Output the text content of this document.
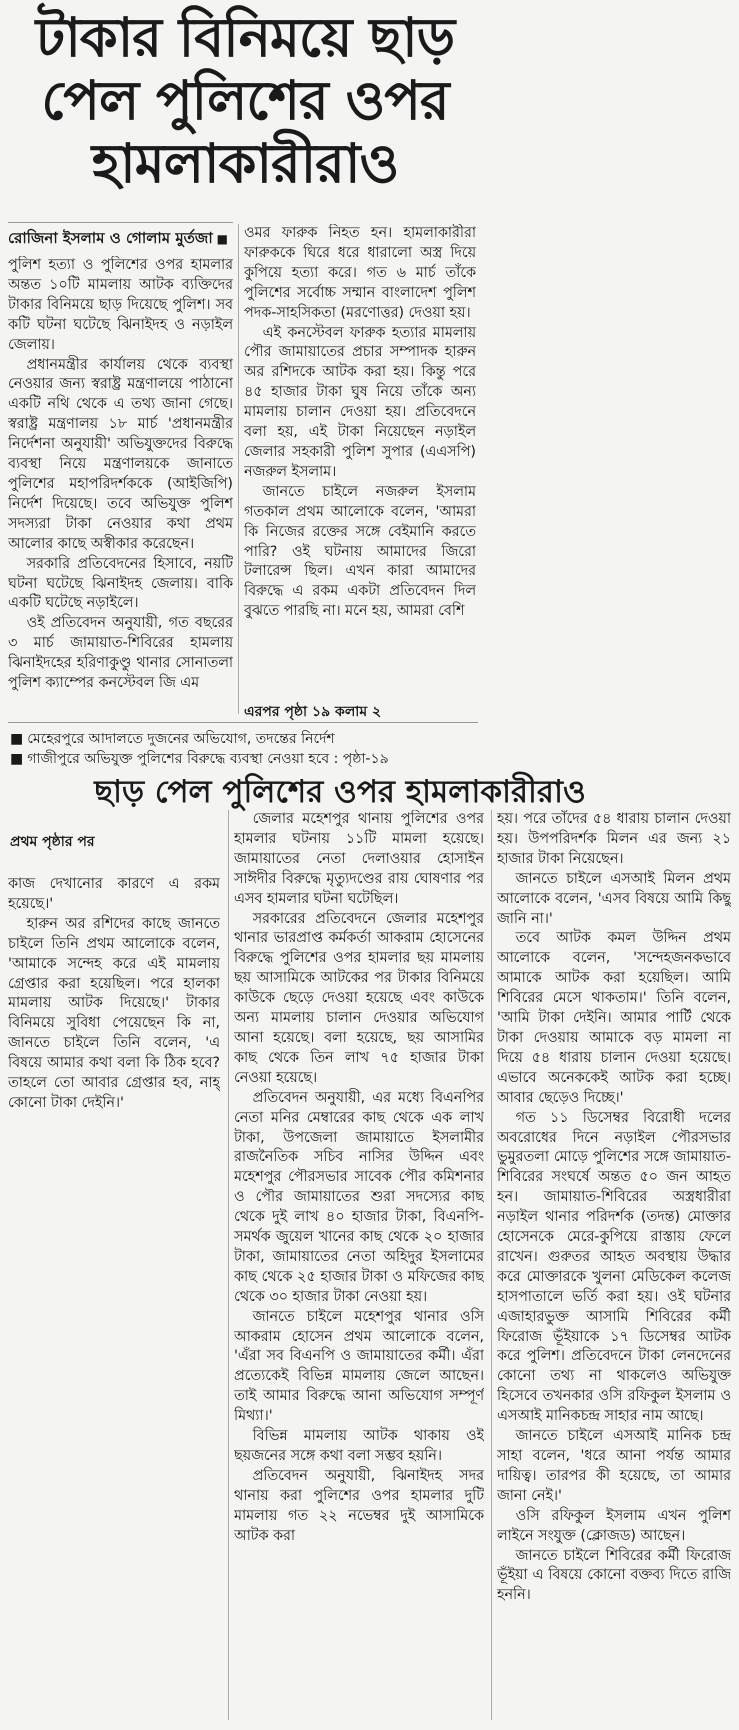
টাকার বিনিময়ে ছাড়
পেল পুলিশের ওপর
হামলাকারীরাও
রোজিনা ইসলাম ও গোলাম মুর্তজা ■

পুলিশ হত্যা ও পুলিশের ওপর হামলার অন্তত ১০টি মামলায় আটক ব্যক্তিদের টাকার বিনিময়ে ছাড় দিয়েছে পুলিশ। সব কটি ঘটনা ঘটেছে ঝিনাইদহ ও নড়াইল জেলায়।

প্রধানমন্ত্রীর কার্যালয় থেকে ব্যবস্থা নেওয়ার জন্য স্বরাষ্ট্র মন্ত্রণালয়ে পাঠানো একটি নথি থেকে এ তথ্য জানা গেছে। স্বরাষ্ট্র মন্ত্রণালয় ১৮ মার্চ 'প্রধানমন্ত্রীর নির্দেশনা অনুযায়ী' অভিযুক্তদের বিরুদ্ধে ব্যবস্থা নিয়ে মন্ত্রণালয়কে জানাতে পুলিশের মহাপরিদর্শককে (আইজিপি) নির্দেশ দিয়েছে। তবে অভিযুক্ত পুলিশ সদস্যরা টাকা নেওয়ার কথা প্রথম আলোর কাছে অস্বীকার করেছেন।

সরকারি প্রতিবেদনের হিসাবে, নয়টি ঘটনা ঘটেছে ঝিনাইদহ জেলায়। বাকি একটি ঘটেছে নড়াইলে।

ওই প্রতিবেদন অনুযায়ী, গত বছরের ৩ মার্চ জামায়াত-শিবিরের হামলায় ঝিনাইদহের হরিণাকুণ্ডু থানার সোনাতলা পুলিশ ক্যাম্পের কনস্টেবল জি এম

ওমর ফারুক নিহত হন। হামলাকারীরা ফারুককে ঘিরে ধরে ধারালো অস্ত্র দিয়ে কুপিয়ে হত্যা করে। গত ৬ মার্চ তাঁকে পুলিশের সর্বোচ্চ সম্মান বাংলাদেশ পুলিশ পদক-সাহসিকতা (মরণোত্তর) দেওয়া হয়।

এই কনস্টেবল ফারুক হত্যার মামলায় পৌর জামায়াতের প্রচার সম্পাদক হারুন অর রশিদকে আটক করা হয়। কিন্তু পরে ৪৫ হাজার টাকা ঘুষ নিয়ে তাঁকে অন্য মামলায় চালান দেওয়া হয়। প্রতিবেদনে বলা হয়, এই টাকা নিয়েছেন নড়াইল জেলার সহকারী পুলিশ সুপার (এএসপি) নজরুল ইসলাম।

জানতে চাইলে নজরুল ইসলাম গতকাল প্রথম আলোকে বলেন, 'আমরা কি নিজের রক্তের সঙ্গে বেইমানি করতে পারি? ওই ঘটনায় আমাদের জিরো টলারেন্স ছিল। এখন কারা আমাদের বিরুদ্ধে এ রকম একটা প্রতিবেদন দিল বুঝতে পারছি না। মনে হয়, আমরা বেশি

এরপর পৃষ্ঠা ১৯ কলাম ২
■ মেহেরপুরে আদালতে দুজনের অভিযোগ, তদন্তের নির্দেশ
■ গাজীপুরে অভিযুক্ত পুলিশের বিরুদ্ধে ব্যবস্থা নেওয়া হবে : পৃষ্ঠা-১৯
ছাড় পেল পুলিশের ওপর হামলাকারীরাও
প্রথম পৃষ্ঠার পর

কাজ দেখানোর কারণে এ রকম হয়েছে।'

হারুন অর রশিদের কাছে জানতে চাইলে তিনি প্রথম আলোকে বলেন, 'আমাকে সন্দেহ করে এই মামলায় গ্রেপ্তার করা হয়েছিল। পরে হালকা মামলায় আটক দিয়েছে।' টাকার বিনিময়ে সুবিধা পেয়েছেন কি না, জানতে চাইলে তিনি বলেন, 'এ বিষয়ে আমার কথা বলা কি ঠিক হবে? তাহলে তো আবার গ্রেপ্তার হব, নাহ্ কোনো টাকা দেইনি।'

জেলার মহেশপুর থানায় পুলিশের ওপর হামলার ঘটনায় ১১টি মামলা হয়েছে। জামায়াতের নেতা দেলাওয়ার হোসাইন সাঈদীর বিরুদ্ধে মৃত্যুদণ্ডের রায় ঘোষণার পর এসব হামলার ঘটনা ঘটেছিল।

সরকারের প্রতিবেদনে জেলার মহেশপুর থানার ভারপ্রাপ্ত কর্মকর্তা আকরাম হোসেনের বিরুদ্ধে পুলিশের ওপর হামলার ছয় মামলায় ছয় আসামিকে আটকের পর টাকার বিনিময়ে কাউকে ছেড়ে দেওয়া হয়েছে এবং কাউকে অন্য মামলায় চালান দেওয়ার অভিযোগ আনা হয়েছে। বলা হয়েছে, ছয় আসামির কাছ থেকে তিন লাখ ৭৫ হাজার টাকা নেওয়া হয়েছে।

প্রতিবেদন অনুযায়ী, এর মধ্যে বিএনপির নেতা মনির মেম্বারের কাছ থেকে এক লাখ টাকা, উপজেলা জামায়াতে ইসলামীর রাজনৈতিক সচিব নাসির উদ্দিন এবং মহেশপুর পৌরসভার সাবেক পৌর কমিশনার ও পৌর জামায়াতের শুরা সদস্যের কাছ থেকে দুই লাখ ৪০ হাজার টাকা, বিএনপি-সমর্থক জুয়েল খানের কাছ থেকে ২০ হাজার টাকা, জামায়াতের নেতা অহিদুর ইসলামের কাছ থেকে ২৫ হাজার টাকা ও মফিজের কাছ থেকে ৩০ হাজার টাকা নেওয়া হয়।

জানতে চাইলে মহেশপুর থানার ওসি আকরাম হোসেন প্রথম আলোকে বলেন, 'এঁরা সব বিএনপি ও জামায়াতের কর্মী। এঁরা প্রত্যেকেই বিভিন্ন মামলায় জেলে আছেন। তাই আমার বিরুদ্ধে আনা অভিযোগ সম্পূর্ণ মিথ্যা।'

বিভিন্ন মামলায় আটক থাকায় ওই ছয়জনের সঙ্গে কথা বলা সম্ভব হয়নি।

প্রতিবেদন অনুযায়ী, ঝিনাইদহ সদর থানায় করা পুলিশের ওপর হামলার দুটি মামলায় গত ২২ নভেম্বর দুই আসামিকে আটক করা

হয়। পরে তাঁদের ৫৪ ধারায় চালান দেওয়া হয়। উপপরিদর্শক মিলন এর জন্য ২১ হাজার টাকা নিয়েছেন।

জানতে চাইলে এসআই মিলন প্রথম আলোকে বলেন, 'এসব বিষয়ে আমি কিছু জানি না।'

তবে আটক কমল উদ্দিন প্রথম আলোকে বলেন, 'সন্দেহজনকভাবে আমাকে আটক করা হয়েছিল। আমি শিবিরের মেসে থাকতাম।' তিনি বলেন, 'আমি টাকা দেইনি। আমার পার্টি থেকে টাকা দেওয়ায় আমাকে বড় মামলা না দিয়ে ৫৪ ধারায় চালান দেওয়া হয়েছে। এভাবে অনেককেই আটক করা হচ্ছে। আবার ছেড়েও দিচ্ছে।'

গত ১১ ডিসেম্বর বিরোধী দলের অবরোধের দিনে নড়াইল পৌরসভার ভুমুরতলা মোড়ে পুলিশের সঙ্গে জামায়াত-শিবিরের সংঘর্ষে অন্তত ৫০ জন আহত হন। জামায়াত-শিবিরের অস্ত্রধারীরা নড়াইল থানার পরিদর্শক (তদন্ত) মোক্তার হোসেনকে মেরে-কুপিয়ে রাস্তায় ফেলে রাখেন। গুরুতর আহত অবস্থায় উদ্ধার করে মোক্তারকে খুলনা মেডিকেল কলেজ হাসপাতালে ভর্তি করা হয়। ওই ঘটনার এজাহারভুক্ত আসামি শিবিরের কর্মী ফিরোজ ভূঁইয়াকে ১৭ ডিসেম্বর আটক করে পুলিশ। প্রতিবেদনে টাকা লেনদেনের কোনো তথ্য না থাকলেও অভিযুক্ত হিসেবে তখনকার ওসি রফিকুল ইসলাম ও এসআই মানিকচন্দ্র সাহার নাম আছে।

জানতে চাইলে এসআই মানিক চন্দ্র সাহা বলেন, 'ধরে আনা পর্যন্ত আমার দায়িত্ব। তারপর কী হয়েছে, তা আমার জানা নেই।'

ওসি রফিকুল ইসলাম এখন পুলিশ লাইনে সংযুক্ত (ক্লোজড) আছেন।

জানতে চাইলে শিবিরের কর্মী ফিরোজ ভূঁইয়া এ বিষয়ে কোনো বক্তব্য দিতে রাজি হননি।
